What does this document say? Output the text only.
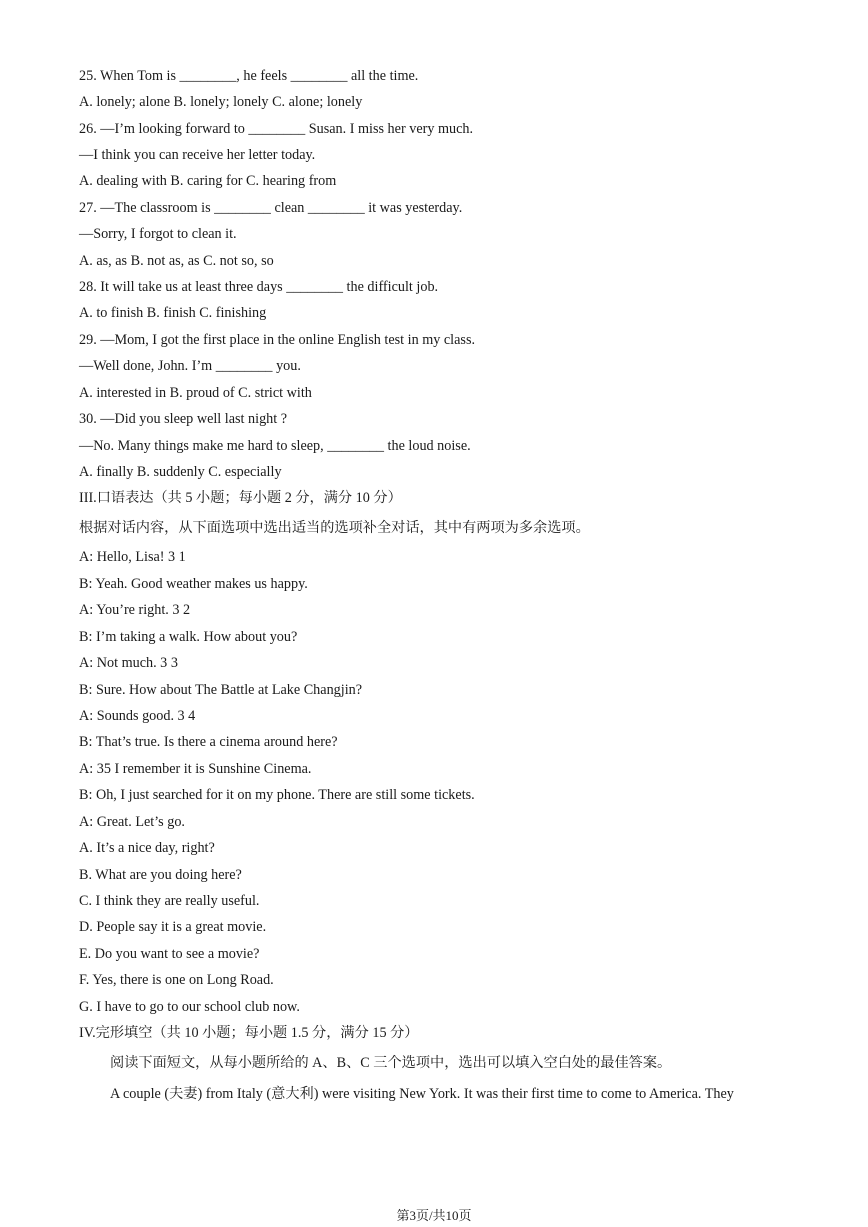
25. When Tom is ________, he feels ________ all the time.
A. lonely; alone B. lonely; lonely C. alone; lonely
26. —I’m looking forward to ________ Susan. I miss her very much.
—I think you can receive her letter today.
A. dealing with B. caring for C. hearing from
27. —The classroom is ________ clean ________ it was yesterday.
—Sorry, I forgot to clean it.
A. as, as B. not as, as C. not so, so
28. It will take us at least three days ________ the difficult job.
A. to finish B. finish C. finishing
29. —Mom, I got the first place in the online English test in my class.
—Well done, John. I’m ________ you.
A. interested in B. proud of C. strict with
30. —Did you sleep well last night ?
—No. Many things make me hard to sleep, ________ the loud noise.
A. finally B. suddenly C. especially
III.口语表达（共 5 小题；每小题 2 分，满分 10 分）
根据对话内容，从下面选项中选出适当的选项补全对话，其中有两项为多余选项。
A: Hello, Lisa! 3 1
B: Yeah. Good weather makes us happy.
A: You’re right. 3 2
B: I’m taking a walk. How about you?
A: Not much. 3 3
B: Sure. How about The Battle at Lake Changjin?
A: Sounds good. 3 4
B: That’s true. Is there a cinema around here?
A: 35 I remember it is Sunshine Cinema.
B: Oh, I just searched for it on my phone. There are still some tickets.
A: Great. Let’s go.
A. It’s a nice day, right?
B. What are you doing here?
C. I think they are really useful.
D. People say it is a great movie.
E. Do you want to see a movie?
F. Yes, there is one on Long Road.
G. I have to go to our school club now.
IV.完形填空（共 10 小题；每小题 1.5 分，满分 15 分）
阅读下面短文，从每小题所给的 A、B、C 三个选项中，选出可以填入空白处的最佳答案。
A couple (夫妻) from Italy (意大利) were visiting New York. It was their first time to come to America. They
第3页/共10页
